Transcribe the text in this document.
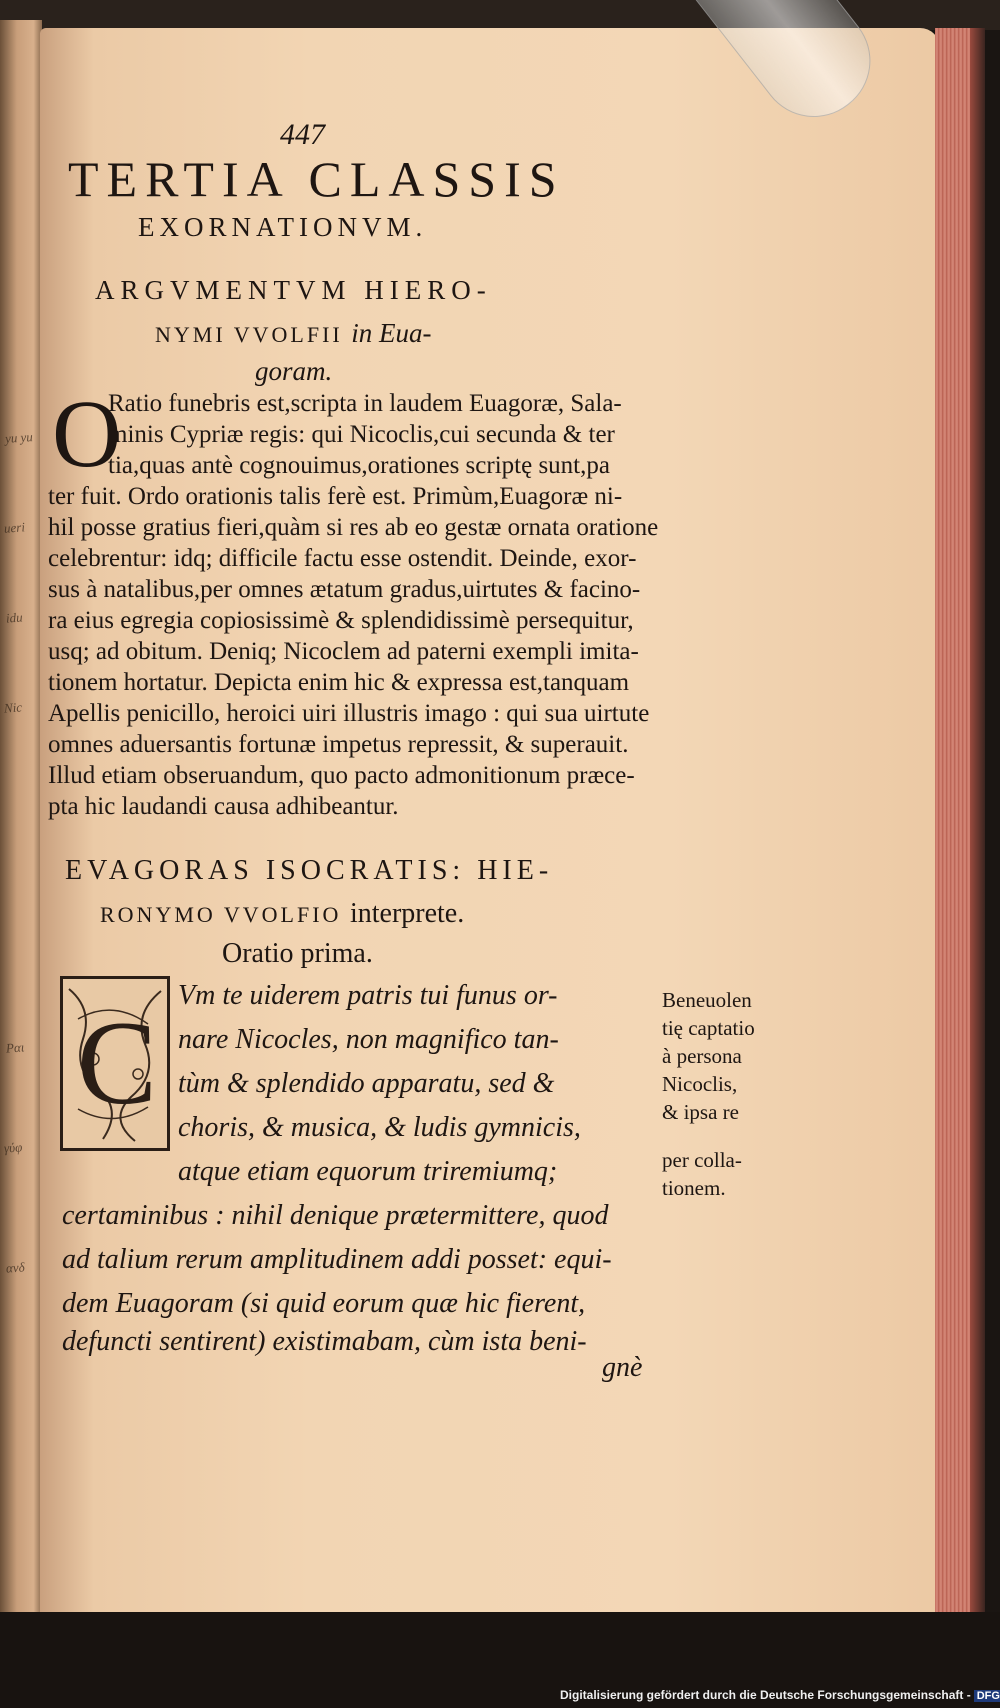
yu yu
ueri
idu
Nic
Ραι
γύφ
ανδ
447
TERTIA CLASSIS
EXORNATIONVM.
ARGVMENTVM HIERO-
NYMI VVOLFII in Eua-
goram.
O
Ratio funebris est,scripta in laudem Euagoræ, Sala-
minis Cypriæ regis: qui Nicoclis,cui secunda & ter
tia,quas antè cognouimus,orationes scriptę sunt,pa
ter fuit. Ordo orationis talis ferè est. Primùm,Euagoræ ni-
hil posse gratius fieri,quàm si res ab eo gestæ ornata oratione
celebrentur: idq; difficile factu esse ostendit. Deinde, exor-
sus à natalibus,per omnes ætatum gradus,uirtutes & facino-
ra eius egregia copiosissimè & splendidissimè persequitur,
usq; ad obitum. Deniq; Nicoclem ad paterni exempli imita-
tionem hortatur. Depicta enim hic & expressa est,tanquam
Apellis penicillo, heroici uiri illustris imago : qui sua uirtute
omnes aduersantis fortunæ impetus repressit, & superauit.
Illud etiam obseruandum, quo pacto admonitionum præce-
pta hic laudandi causa adhibeantur.
EVAGORAS ISOCRATIS: HIE-
RONYMO VVOLFIO interprete.
Oratio prima.
C
Vm te uiderem patris tui funus or-
nare Nicocles, non magnifico tan-
tùm & splendido apparatu, sed &
choris, & musica, & ludis gymnicis,
atque etiam equorum triremiumq;
certaminibus : nihil denique prætermittere, quod
ad talium rerum amplitudinem addi posset: equi-
dem Euagoram (si quid eorum quæ hic fierent,
defuncti sentirent) existimabam, cùm ista beni-
gnè
Beneuolen
tię captatio
à persona
Nicoclis,
& ipsa re
per colla-
tionem.
Digitalisierung gefördert durch die Deutsche Forschungsgemeinschaft - DFG
